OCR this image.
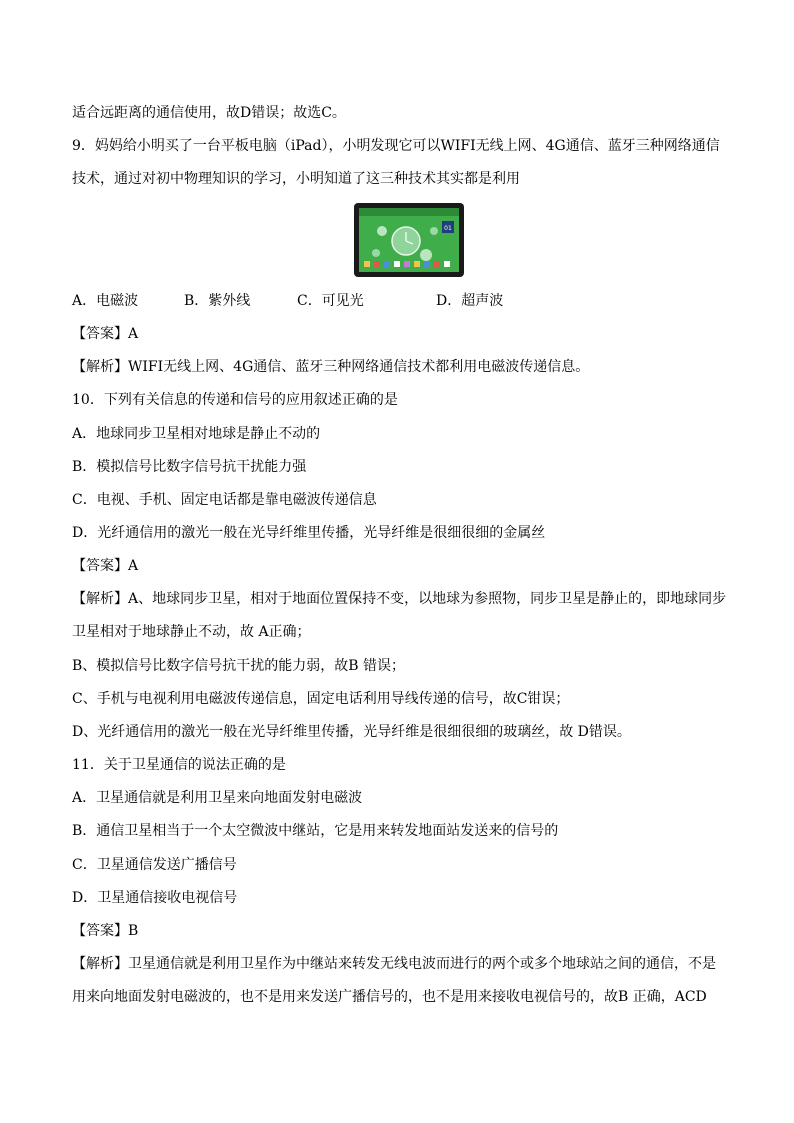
适合远距离的通信使用，故D错误；故选C。
9．妈妈给小明买了一台平板电脑（iPad），小明发现它可以WIFI无线上网、4G通信、蓝牙三种网络通信
技术，通过对初中物理知识的学习，小明知道了这三种技术其实都是利用
01
A．电磁波	B．紫外线	C．可见光	D．超声波
【答案】A
【解析】WIFI无线上网、4G通信、蓝牙三种网络通信技术都利用电磁波传递信息。
10．下列有关信息的传递和信号的应用叙述正确的是
A．地球同步卫星相对地球是静止不动的
B．模拟信号比数字信号抗干扰能力强
C．电视、手机、固定电话都是靠电磁波传递信息
D．光纤通信用的激光一般在光导纤维里传播，光导纤维是很细很细的金属丝
【答案】A
【解析】A、地球同步卫星，相对于地面位置保持不变，以地球为参照物，同步卫星是静止的，即地球同步
卫星相对于地球静止不动，故 A正确；
B、模拟信号比数字信号抗干扰的能力弱，故B 错误；
C、手机与电视利用电磁波传递信息，固定电话利用导线传递的信号，故C钳误；
D、光纤通信用的激光一般在光导纤维里传播，光导纤维是很细很细的玻璃丝，故 D错误。
11．关于卫星通信的说法正确的是
A．卫星通信就是利用卫星来向地面发射电磁波
B．通信卫星相当于一个太空微波中继站，它是用来转发地面站发送来的信号的
C．卫星通信发送广播信号
D．卫星通信接收电视信号
【答案】B
【解析】卫星通信就是利用卫星作为中继站来转发无线电波而进行的两个或多个地球站之间的通信，不是
用来向地面发射电磁波的，也不是用来发送广播信号的，也不是用来接收电视信号的，故B 正确，ACD
